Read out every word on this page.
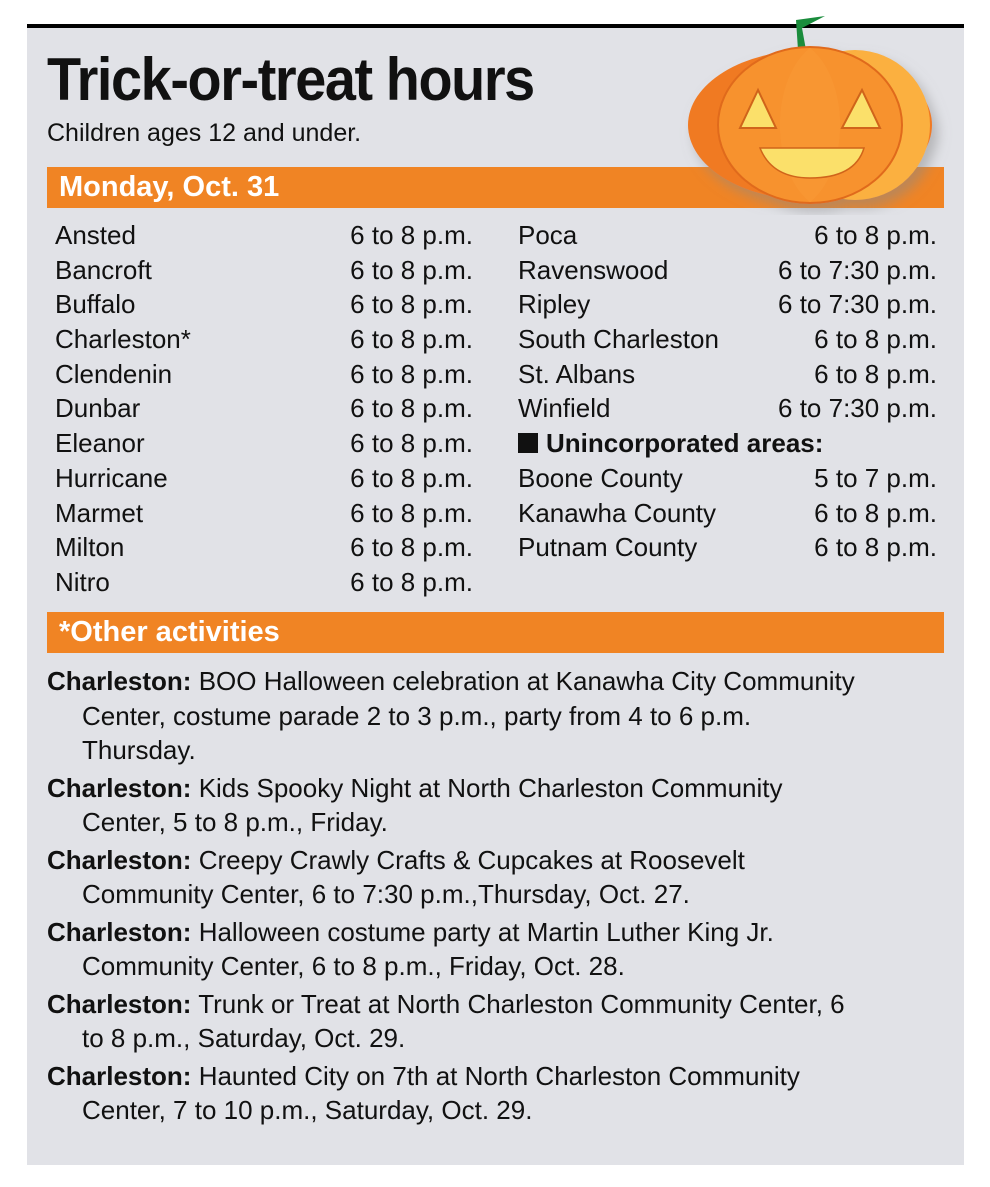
Trick-or-treat hours
Children ages 12 and under.
Monday, Oct. 31
Ansted	6 to 8 p.m.
Bancroft	6 to 8 p.m.
Buffalo	6 to 8 p.m.
Charleston*	6 to 8 p.m.
Clendenin	6 to 8 p.m.
Dunbar	6 to 8 p.m.
Eleanor	6 to 8 p.m.
Hurricane	6 to 8 p.m.
Marmet	6 to 8 p.m.
Milton	6 to 8 p.m.
Nitro	6 to 8 p.m.
Poca	6 to 8 p.m.
Ravenswood	6 to 7:30 p.m.
Ripley	6 to 7:30 p.m.
South Charleston	6 to 8 p.m.
St. Albans	6 to 8 p.m.
Winfield	6 to 7:30 p.m.
Unincorporated areas:
Boone County	5 to 7 p.m.
Kanawha County	6 to 8 p.m.
Putnam County	6 to 8 p.m.
*Other activities
Charleston: BOO Halloween celebration at Kanawha City Community
Center, costume parade 2 to 3 p.m., party from 4 to 6 p.m.
Thursday.
Charleston: Kids Spooky Night at North Charleston Community
Center, 5 to 8 p.m., Friday.
Charleston: Creepy Crawly Crafts & Cupcakes at Roosevelt
Community Center, 6 to 7:30 p.m.,Thursday, Oct. 27.
Charleston: Halloween costume party at Martin Luther King Jr.
Community Center, 6 to 8 p.m., Friday, Oct. 28.
Charleston: Trunk or Treat at North Charleston Community Center, 6
to 8 p.m., Saturday, Oct. 29.
Charleston: Haunted City on 7th at North Charleston Community
Center, 7 to 10 p.m., Saturday, Oct. 29.
